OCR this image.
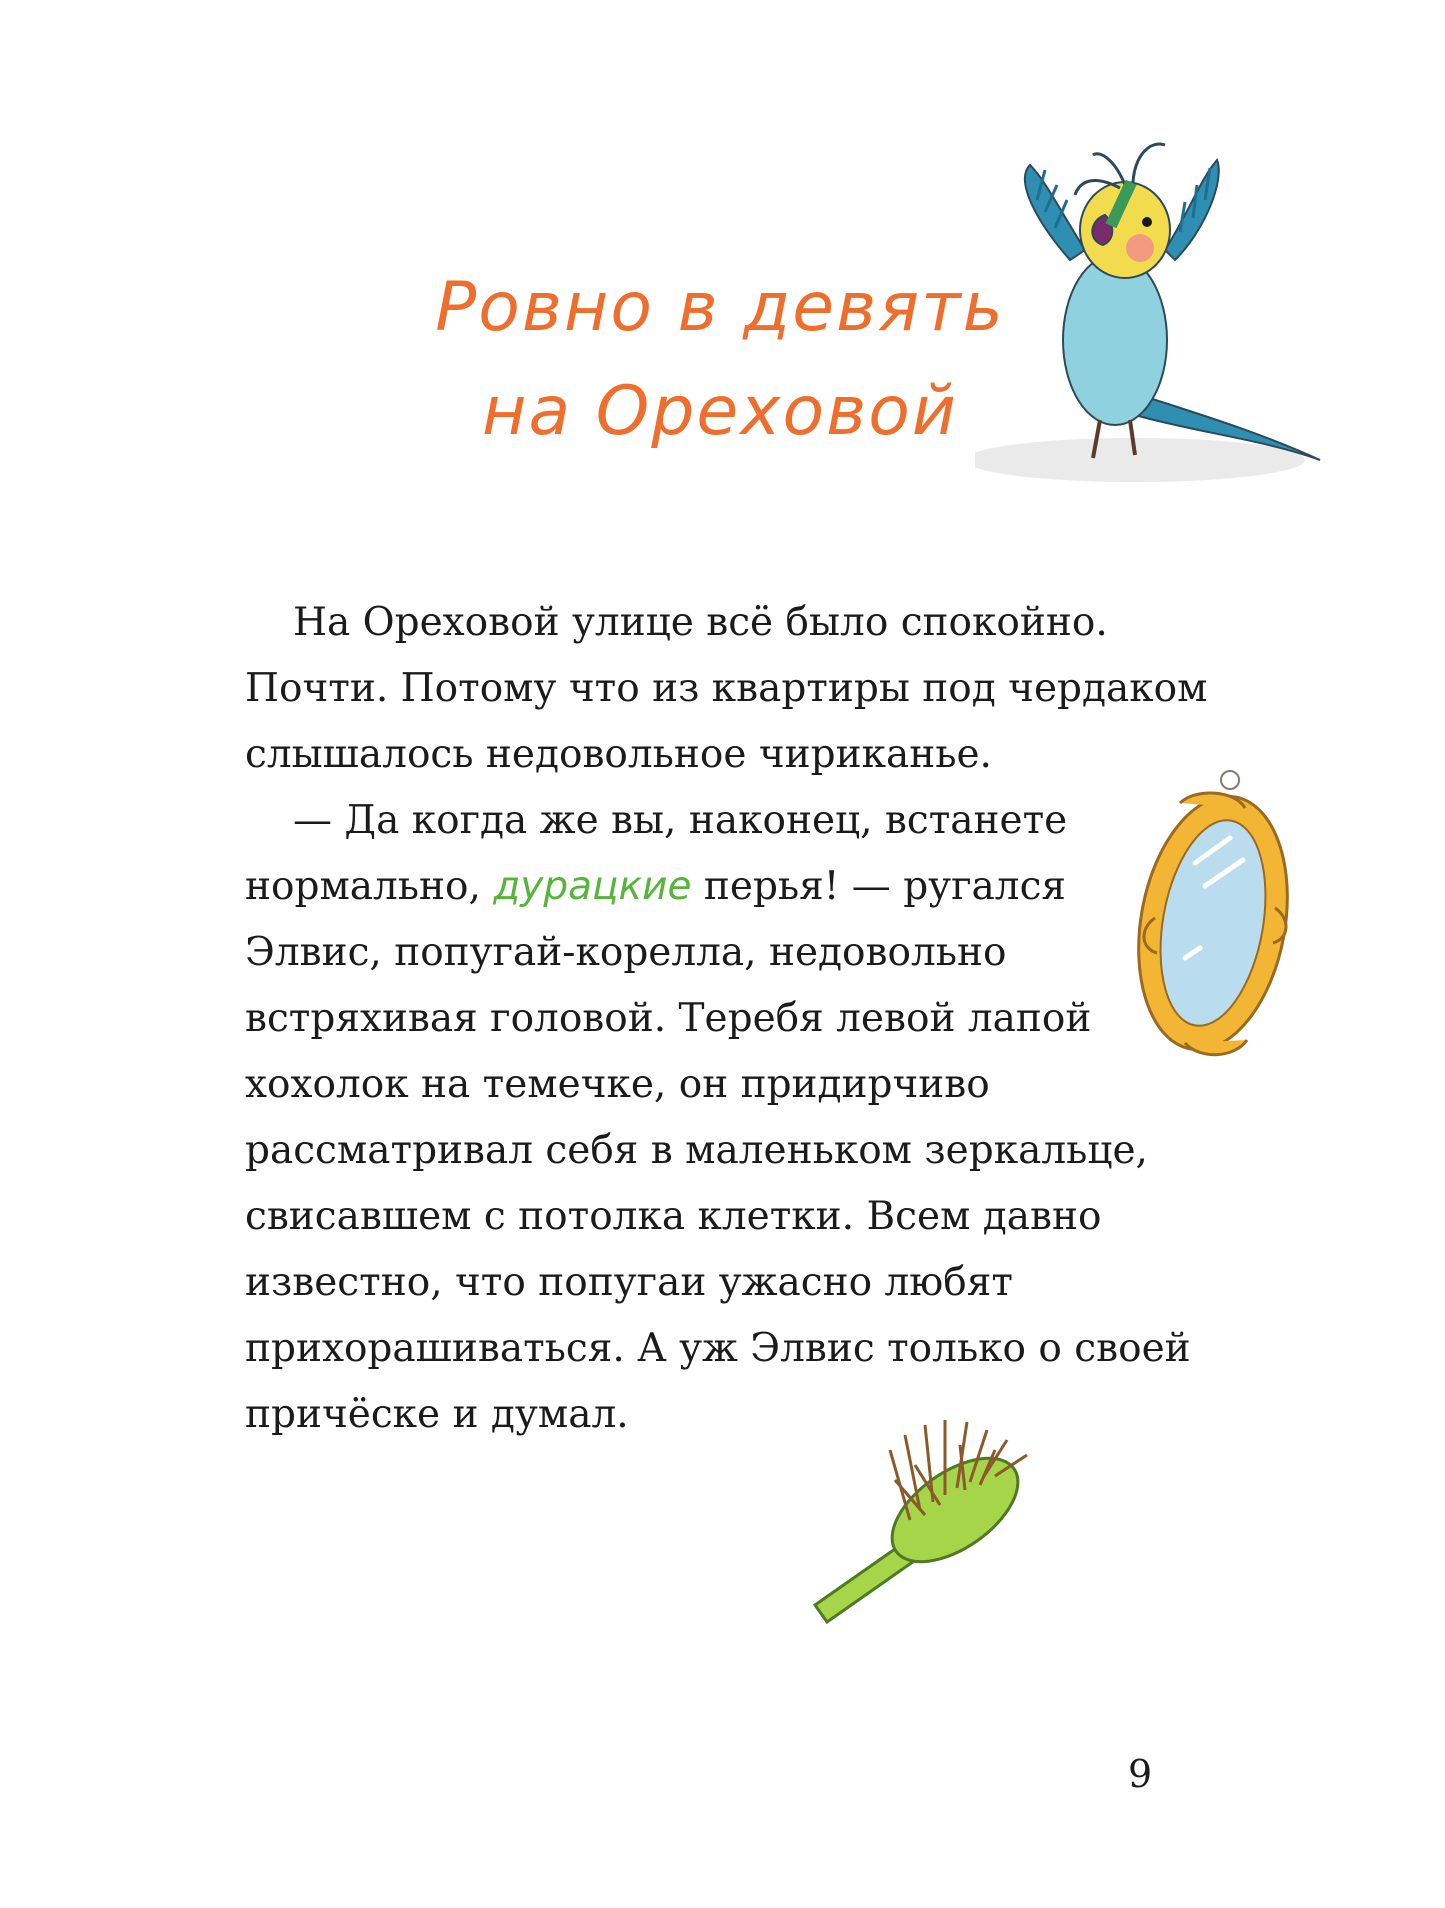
Ровно в девять
на Ореховой
На Ореховой улице всё было спокойно.
Почти. Потому что из квартиры под чердаком
слышалось недовольное чириканье.
— Да когда же вы, наконец, встанете
нормально, дурацкие перья! — ругался
Элвис, попугай-корелла, недовольно
встряхивая головой. Теребя левой лапой
хохолок на темечке, он придирчиво
рассматривал себя в маленьком зеркальце,
свисавшем с потолка клетки. Всем давно
известно, что попугаи ужасно любят
прихорашиваться. А уж Элвис только о своей
причёске и думал.
9
